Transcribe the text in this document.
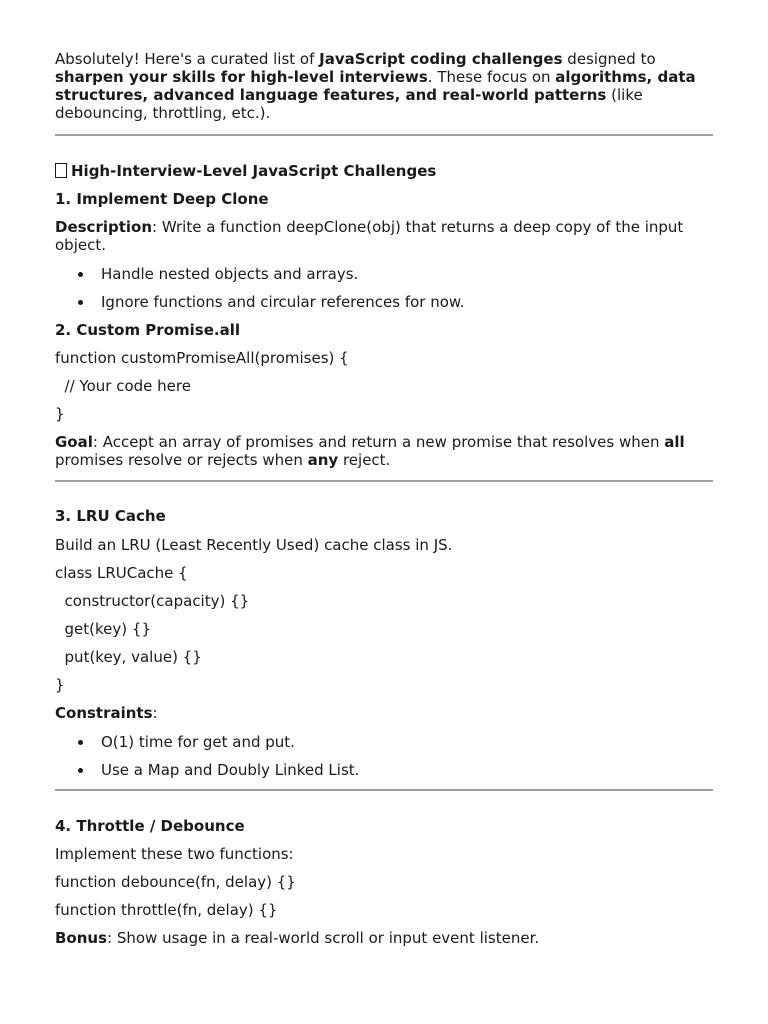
Absolutely! Here's a curated list of JavaScript coding challenges designed to sharpen your skills for high-level interviews. These focus on algorithms, data structures, advanced language features, and real-world patterns (like debouncing, throttling, etc.).

High-Interview-Level JavaScript Challenges

1. Implement Deep Clone

Description: Write a function deepClone(obj) that returns a deep copy of the input object.

Handle nested objects and arrays.

Ignore functions and circular references for now.

2. Custom Promise.all

function customPromiseAll(promises) {

// Your code here

}

Goal: Accept an array of promises and return a new promise that resolves when all promises resolve or rejects when any reject.

3. LRU Cache

Build an LRU (Least Recently Used) cache class in JS.

class LRUCache {

constructor(capacity) {}

get(key) {}

put(key, value) {}

}

Constraints:

O(1) time for get and put.

Use a Map and Doubly Linked List.

4. Throttle / Debounce

Implement these two functions:

function debounce(fn, delay) {}

function throttle(fn, delay) {}

Bonus: Show usage in a real-world scroll or input event listener.
